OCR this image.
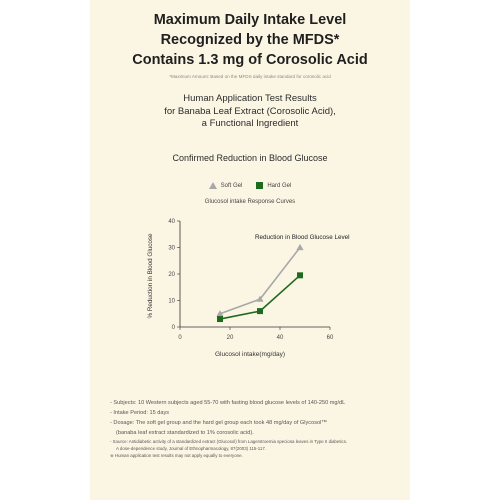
Maximum Daily Intake Level
Recognized by the MFDS*
Contains 1.3 mg of Corosolic Acid
*Maximum Amount: Based on the MFDS daily intake standard for corosolic acid
Human Application Test Results
for Banaba Leaf Extract (Corosolic Acid),
a Functional Ingredient
Confirmed Reduction in Blood Glucose
Soft Gel	Hard Gel
Glucosol intake Response Curves
0
10
20
30
40
0	20	40	60
Reduction in Blood Glucose Level
Glucosol intake(mg/day)
% Reduction in Blood Glucose
- Subjects: 10 Western subjects aged 55-70 with fasting blood glucose levels of 140-250 mg/dL
- Intake Period: 15 days
- Dosage: The soft gel group and the hard gel group each took 48 mg/day of Glycosol™
(banaba leaf extract standardized to 1% corosolic acid).
- Source: Antidiabetic activity of a standardized extract (Glucosol) from Lagerstroemia speciosa leaves in Type II diabetics.
A dose-dependence study, Journal of Ethnopharmacology, 87(2003) 115-117.
※ Human application test results may not apply equally to everyone.
